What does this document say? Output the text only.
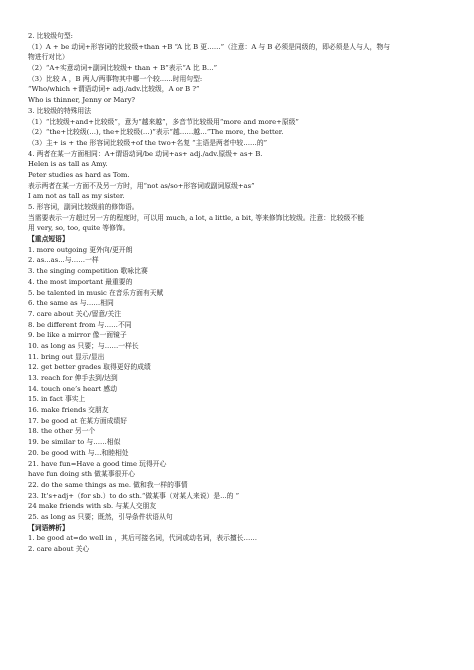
2. 比较级句型:
（1）A + be 动词+形容词的比较级+than +B “A 比 B 更……”（注意：A 与 B 必须是同级的，即必须是人与人，物与
物进行对比）
（2）“A+实意动词+副词比较级+ than + B”表示“A 比 B…”
（3）比较 A ，B 两人/两事物其中哪一个较......时用句型:
“Who/which +谓语动词+ adj./adv.比较级，A or B ?”
Who is thinner, Jenny or Mary?
3. 比较级的特殊用法
（1）“比较级+and+比较级”，意为“越来越”，多音节比较级用“more and more+原级”
（2）“the+比较级(…), the+比较级(…)”表示“越……越…”The more, the better.
（3）主+ is + the 形容词比较级+of the two+名复 “主语是两者中较……的”
4. 两者在某一方面相同：A+谓语动词/be 动词+as+ adj./adv.原级+ as+ B.
Helen is as tall as Amy.
Peter studies as hard as Tom.
表示两者在某一方面不及另一方时，用“not as/so+形容词或副词原级+as”
I am not as tall as my sister.
5. 形容词，副词比较级前的修饰语。
当需要表示一方超过另一方的程度时，可以用 much, a lot, a little, a bit, 等来修饰比较级。注意：比较级不能
用 very, so, too, quite 等修饰。
【重点短语】
1. more outgoing 更外向/更开朗
2. as...as...与……一样
3. the singing competition 歌咏比赛
4. the most important 最重要的
5. be talented in music 在音乐方面有天赋
6. the same as 与……相同
7. care about 关心/留意/关注
8. be different from 与……不同
9. be like a mirror 像一面镜子
10. as long as 只要；与……一样长
11. bring out 显示/显出
12. get better grades 取得更好的成绩
13. reach for 伸手去到/达到
14. touch one’s heart 感动
15. in fact 事实上
16. make friends 交朋友
17. be good at 在某方面成绩好
18. the other 另一个
19. be similar to 与……相似
20. be good with 与…和睦相处
21. have fun=Have a good time 玩得开心
have fun doing sth 做某事很开心
22. do the same things as me. 做和我一样的事情
23. It’s+adj+（for sb.）to do sth.“做某事（对某人来说）是...的 ”
24 make friends with sb. 与某人交朋友
25. as long as 只要；既然，引导条件状语从句
【词语辨析】
1. be good at=do well in ，其后可接名词，代词或动名词，表示擅长……
2. care about 关心
